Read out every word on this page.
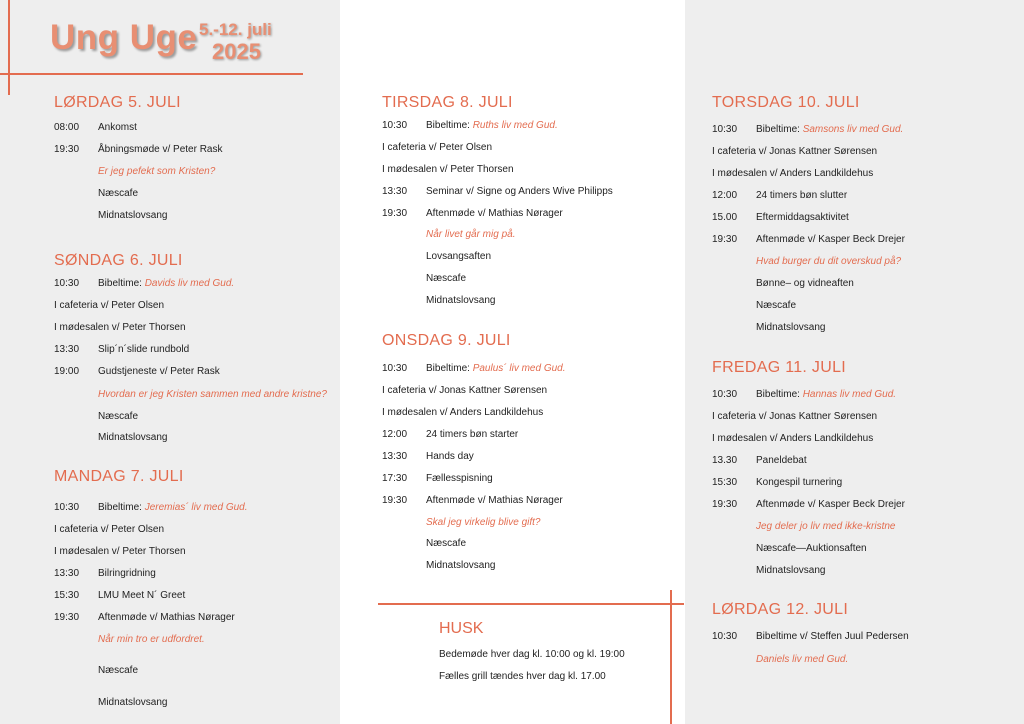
Ung Uge 5.-12. juli
2025
LØRDAG 5. JULI
08:00 Ankomst
19:30 Åbningsmøde v/ Peter Rask
Er jeg pefekt som Kristen?
Næscafe
Midnatslovsang
SØNDAG 6. JULI
10:30 Bibeltime: Davids liv med Gud.
I cafeteria v/ Peter Olsen
I mødesalen v/ Peter Thorsen
13:30 Slip´n´slide rundbold
19:00 Gudstjeneste v/ Peter Rask
Hvordan er jeg Kristen sammen med andre kristne?
Næscafe
Midnatslovsang
MANDAG 7. JULI
10:30 Bibeltime: Jeremias´ liv med Gud.
I cafeteria v/ Peter Olsen
I mødesalen v/ Peter Thorsen
13:30 Bilringridning
15:30 LMU Meet N´ Greet
19:30 Aftenmøde v/ Mathias Nørager
Når min tro er udfordret.
Næscafe
Midnatslovsang
TIRSDAG 8. JULI
10:30 Bibeltime: Ruths liv med Gud.
I cafeteria v/ Peter Olsen
I mødesalen v/ Peter Thorsen
13:30 Seminar v/ Signe og Anders Wive Philipps
19:30 Aftenmøde v/ Mathias Nørager
Når livet går mig på.
Lovsangsaften
Næscafe
Midnatslovsang
ONSDAG 9. JULI
10:30 Bibeltime: Paulus´ liv med Gud.
I cafeteria v/ Jonas Kattner Sørensen
I mødesalen v/ Anders Landkildehus
12:00 24 timers bøn starter
13:30 Hands day
17:30 Fællesspisning
19:30 Aftenmøde v/ Mathias Nørager
Skal jeg virkelig blive gift?
Næscafe
Midnatslovsang
TORSDAG 10. JULI
10:30 Bibeltime: Samsons liv med Gud.
I cafeteria v/ Jonas Kattner Sørensen
I mødesalen v/ Anders Landkildehus
12:00 24 timers bøn slutter
15.00 Eftermiddagsaktivitet
19:30 Aftenmøde v/ Kasper Beck Drejer
Hvad burger du dit overskud på?
Bønne– og vidneaften
Næscafe
Midnatslovsang
FREDAG 11. JULI
10:30 Bibeltime: Hannas liv med Gud.
I cafeteria v/ Jonas Kattner Sørensen
I mødesalen v/ Anders Landkildehus
13.30 Paneldebat
15:30 Kongespil turnering
19:30 Aftenmøde v/ Kasper Beck Drejer
Jeg deler jo liv med ikke-kristne
Næscafe—Auktionsaften
Midnatslovsang
LØRDAG 12. JULI
10:30 Bibeltime v/ Steffen Juul Pedersen
Daniels liv med Gud.
HUSK
Bedemøde hver dag kl. 10:00 og kl. 19:00
Fælles grill tændes hver dag kl. 17.00
